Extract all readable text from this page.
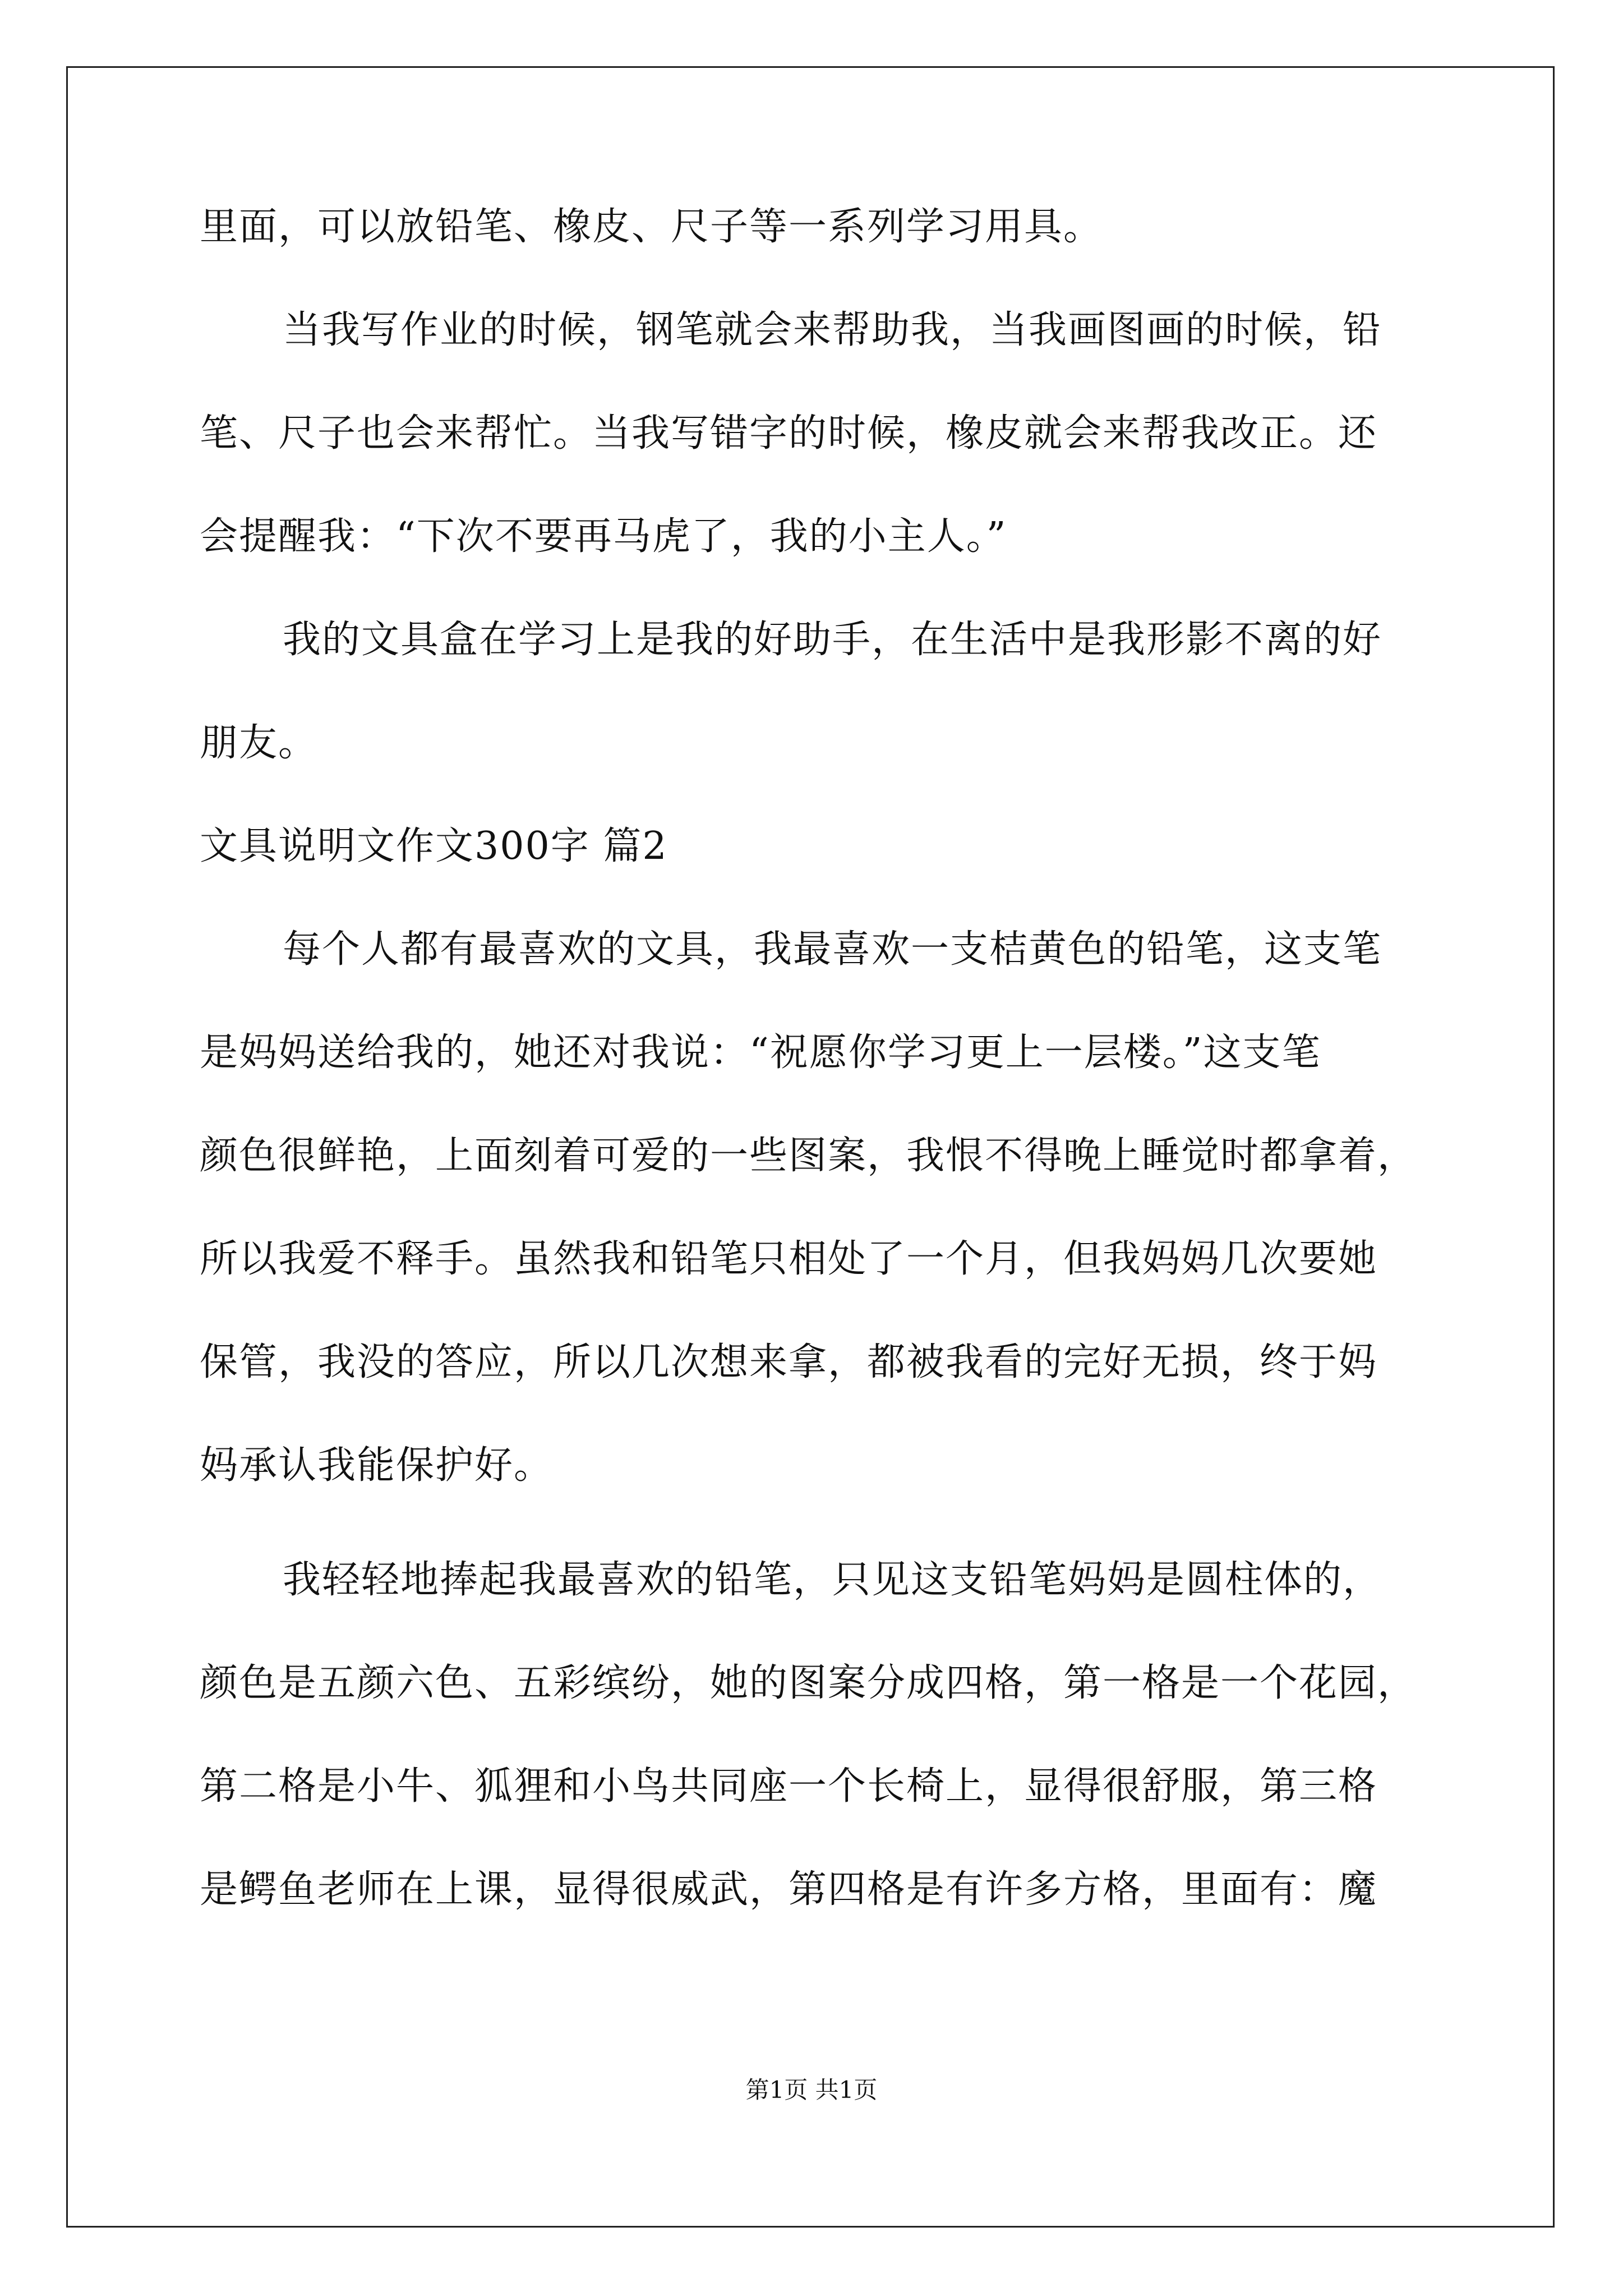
里面，可以放铅笔、橡皮、尺子等一系列学习用具。
当我写作业的时候，钢笔就会来帮助我，当我画图画的时候，铅
笔、尺子也会来帮忙。当我写错字的时候，橡皮就会来帮我改正。还
会提醒我：“下次不要再马虎了，我的小主人。”
我的文具盒在学习上是我的好助手，在生活中是我形影不离的好
朋友。
文具说明文作文300字 篇2
每个人都有最喜欢的文具，我最喜欢一支桔黄色的铅笔，这支笔
是妈妈送给我的，她还对我说：“祝愿你学习更上一层楼。”这支笔
颜色很鲜艳，上面刻着可爱的一些图案，我恨不得晚上睡觉时都拿着，
所以我爱不释手。虽然我和铅笔只相处了一个月，但我妈妈几次要她
保管，我没的答应，所以几次想来拿，都被我看的完好无损，终于妈
妈承认我能保护好。
我轻轻地捧起我最喜欢的铅笔，只见这支铅笔妈妈是圆柱体的，
颜色是五颜六色、五彩缤纷，她的图案分成四格，第一格是一个花园，
第二格是小牛、狐狸和小鸟共同座一个长椅上，显得很舒服，第三格
是鳄鱼老师在上课，显得很威武，第四格是有许多方格，里面有：魔
第1页 共1页
